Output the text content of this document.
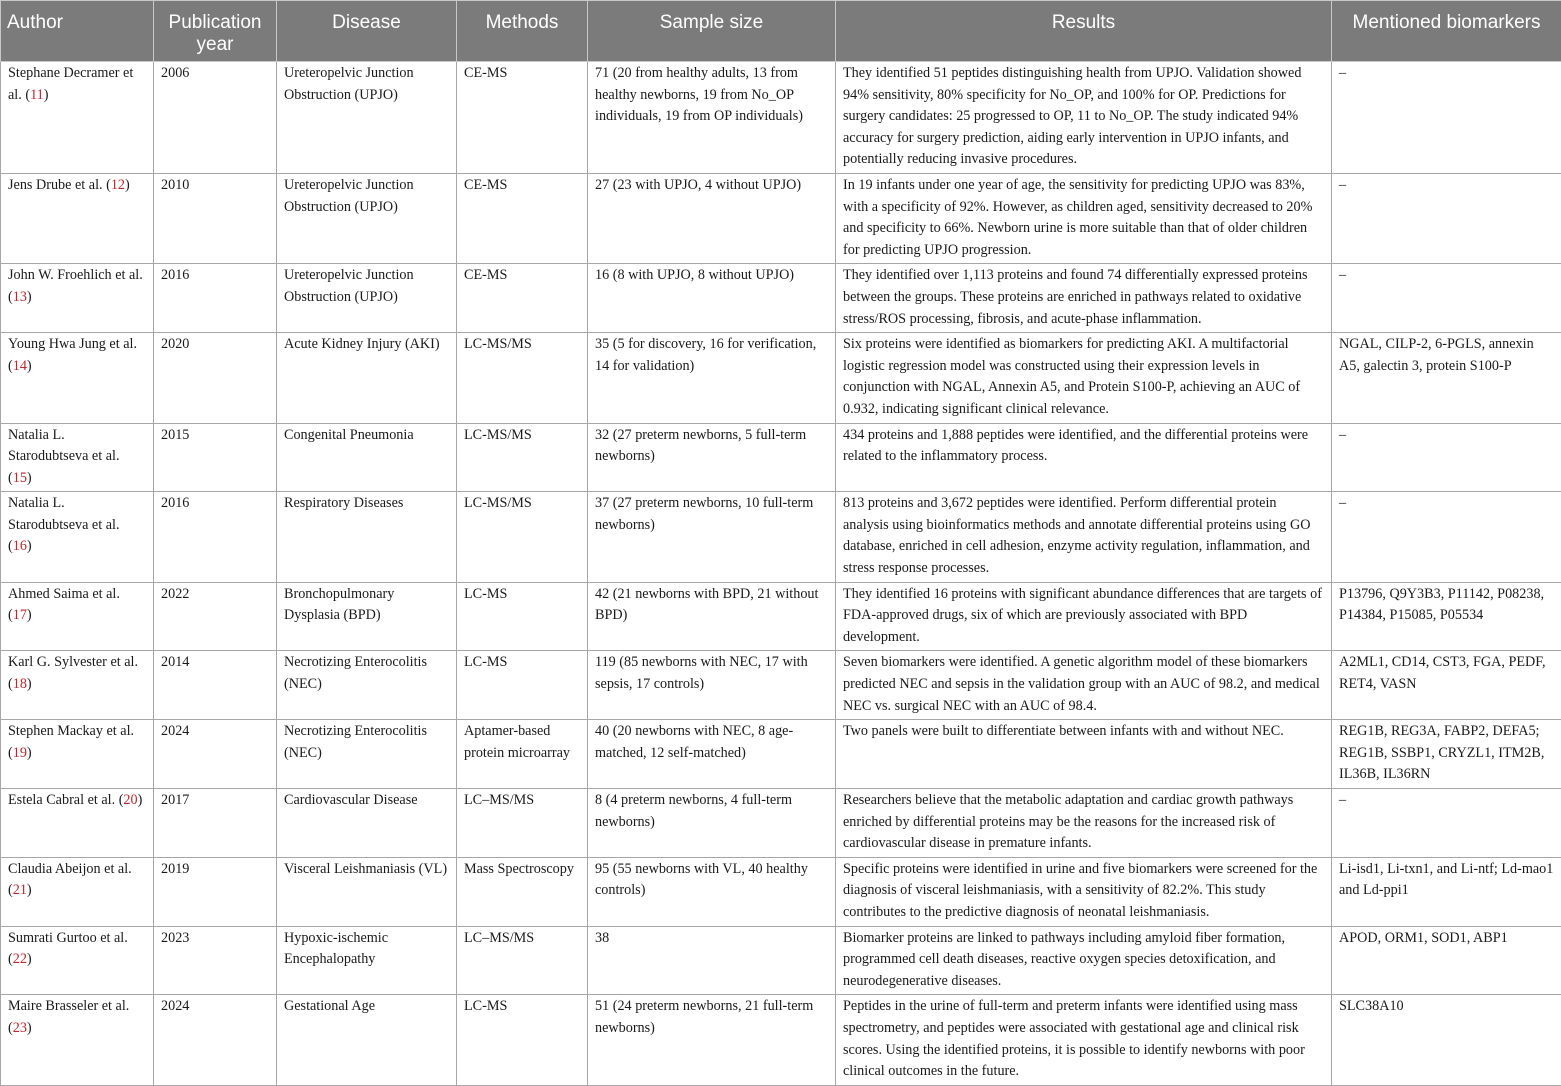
Author	Publication year	Disease	Methods	Sample size	Results	Mentioned biomarkers
Stephane Decramer et al. (11)	2006	Ureteropelvic Junction Obstruction (UPJO)	CE-MS	71 (20 from healthy adults, 13 from healthy newborns, 19 from No_OP individuals, 19 from OP individuals)	They identified 51 peptides distinguishing health from UPJO. Validation showed 94% sensitivity, 80% specificity for No_OP, and 100% for OP. Predictions for surgery candidates: 25 progressed to OP, 11 to No_OP. The study indicated 94% accuracy for surgery prediction, aiding early intervention in UPJO infants, and potentially reducing invasive procedures.	–
Jens Drube et al. (12)	2010	Ureteropelvic Junction Obstruction (UPJO)	CE-MS	27 (23 with UPJO, 4 without UPJO)	In 19 infants under one year of age, the sensitivity for predicting UPJO was 83%, with a specificity of 92%. However, as children aged, sensitivity decreased to 20% and specificity to 66%. Newborn urine is more suitable than that of older children for predicting UPJO progression.	–
John W. Froehlich et al. (13)	2016	Ureteropelvic Junction Obstruction (UPJO)	CE-MS	16 (8 with UPJO, 8 without UPJO)	They identified over 1,113 proteins and found 74 differentially expressed proteins between the groups. These proteins are enriched in pathways related to oxidative stress/ROS processing, fibrosis, and acute-phase inflammation.	–
Young Hwa Jung et al. (14)	2020	Acute Kidney Injury (AKI)	LC-MS/MS	35 (5 for discovery, 16 for verification, 14 for validation)	Six proteins were identified as biomarkers for predicting AKI. A multifactorial logistic regression model was constructed using their expression levels in conjunction with NGAL, Annexin A5, and Protein S100-P, achieving an AUC of 0.932, indicating significant clinical relevance.	NGAL, CILP-2, 6-PGLS, annexin A5, galectin 3, protein S100-P
Natalia L. Starodubtseva et al. (15)	2015	Congenital Pneumonia	LC-MS/MS	32 (27 preterm newborns, 5 full-term newborns)	434 proteins and 1,888 peptides were identified, and the differential proteins were related to the inflammatory process.	–
Natalia L. Starodubtseva et al. (16)	2016	Respiratory Diseases	LC-MS/MS	37 (27 preterm newborns, 10 full-term newborns)	813 proteins and 3,672 peptides were identified. Perform differential protein analysis using bioinformatics methods and annotate differential proteins using GO database, enriched in cell adhesion, enzyme activity regulation, inflammation, and stress response processes.	–
Ahmed Saima et al. (17)	2022	Bronchopulmonary Dysplasia (BPD)	LC-MS	42 (21 newborns with BPD, 21 without BPD)	They identified 16 proteins with significant abundance differences that are targets of FDA-approved drugs, six of which are previously associated with BPD development.	P13796, Q9Y3B3, P11142, P08238, P14384, P15085, P05534
Karl G. Sylvester et al. (18)	2014	Necrotizing Enterocolitis (NEC)	LC-MS	119 (85 newborns with NEC, 17 with sepsis, 17 controls)	Seven biomarkers were identified. A genetic algorithm model of these biomarkers predicted NEC and sepsis in the validation group with an AUC of 98.2, and medical NEC vs. surgical NEC with an AUC of 98.4.	A2ML1, CD14, CST3, FGA, PEDF, RET4, VASN
Stephen Mackay et al. (19)	2024	Necrotizing Enterocolitis (NEC)	Aptamer-based protein microarray	40 (20 newborns with NEC, 8 age-matched, 12 self-matched)	Two panels were built to differentiate between infants with and without NEC.	REG1B, REG3A, FABP2, DEFA5; REG1B, SSBP1, CRYZL1, ITM2B, IL36B, IL36RN
Estela Cabral et al. (20)	2017	Cardiovascular Disease	LC–MS/MS	8 (4 preterm newborns, 4 full-term newborns)	Researchers believe that the metabolic adaptation and cardiac growth pathways enriched by differential proteins may be the reasons for the increased risk of cardiovascular disease in premature infants.	–
Claudia Abeijon et al. (21)	2019	Visceral Leishmaniasis (VL)	Mass Spectroscopy	95 (55 newborns with VL, 40 healthy controls)	Specific proteins were identified in urine and five biomarkers were screened for the diagnosis of visceral leishmaniasis, with a sensitivity of 82.2%. This study contributes to the predictive diagnosis of neonatal leishmaniasis.	Li-isd1, Li-txn1, and Li-ntf; Ld-mao1 and Ld-ppi1
Sumrati Gurtoo et al. (22)	2023	Hypoxic-ischemic Encephalopathy	LC–MS/MS	38	Biomarker proteins are linked to pathways including amyloid fiber formation, programmed cell death diseases, reactive oxygen species detoxification, and neurodegenerative diseases.	APOD, ORM1, SOD1, ABP1
Maire Brasseler et al. (23)	2024	Gestational Age	LC-MS	51 (24 preterm newborns, 21 full-term newborns)	Peptides in the urine of full-term and preterm infants were identified using mass spectrometry, and peptides were associated with gestational age and clinical risk scores. Using the identified proteins, it is possible to identify newborns with poor clinical outcomes in the future.	SLC38A10
